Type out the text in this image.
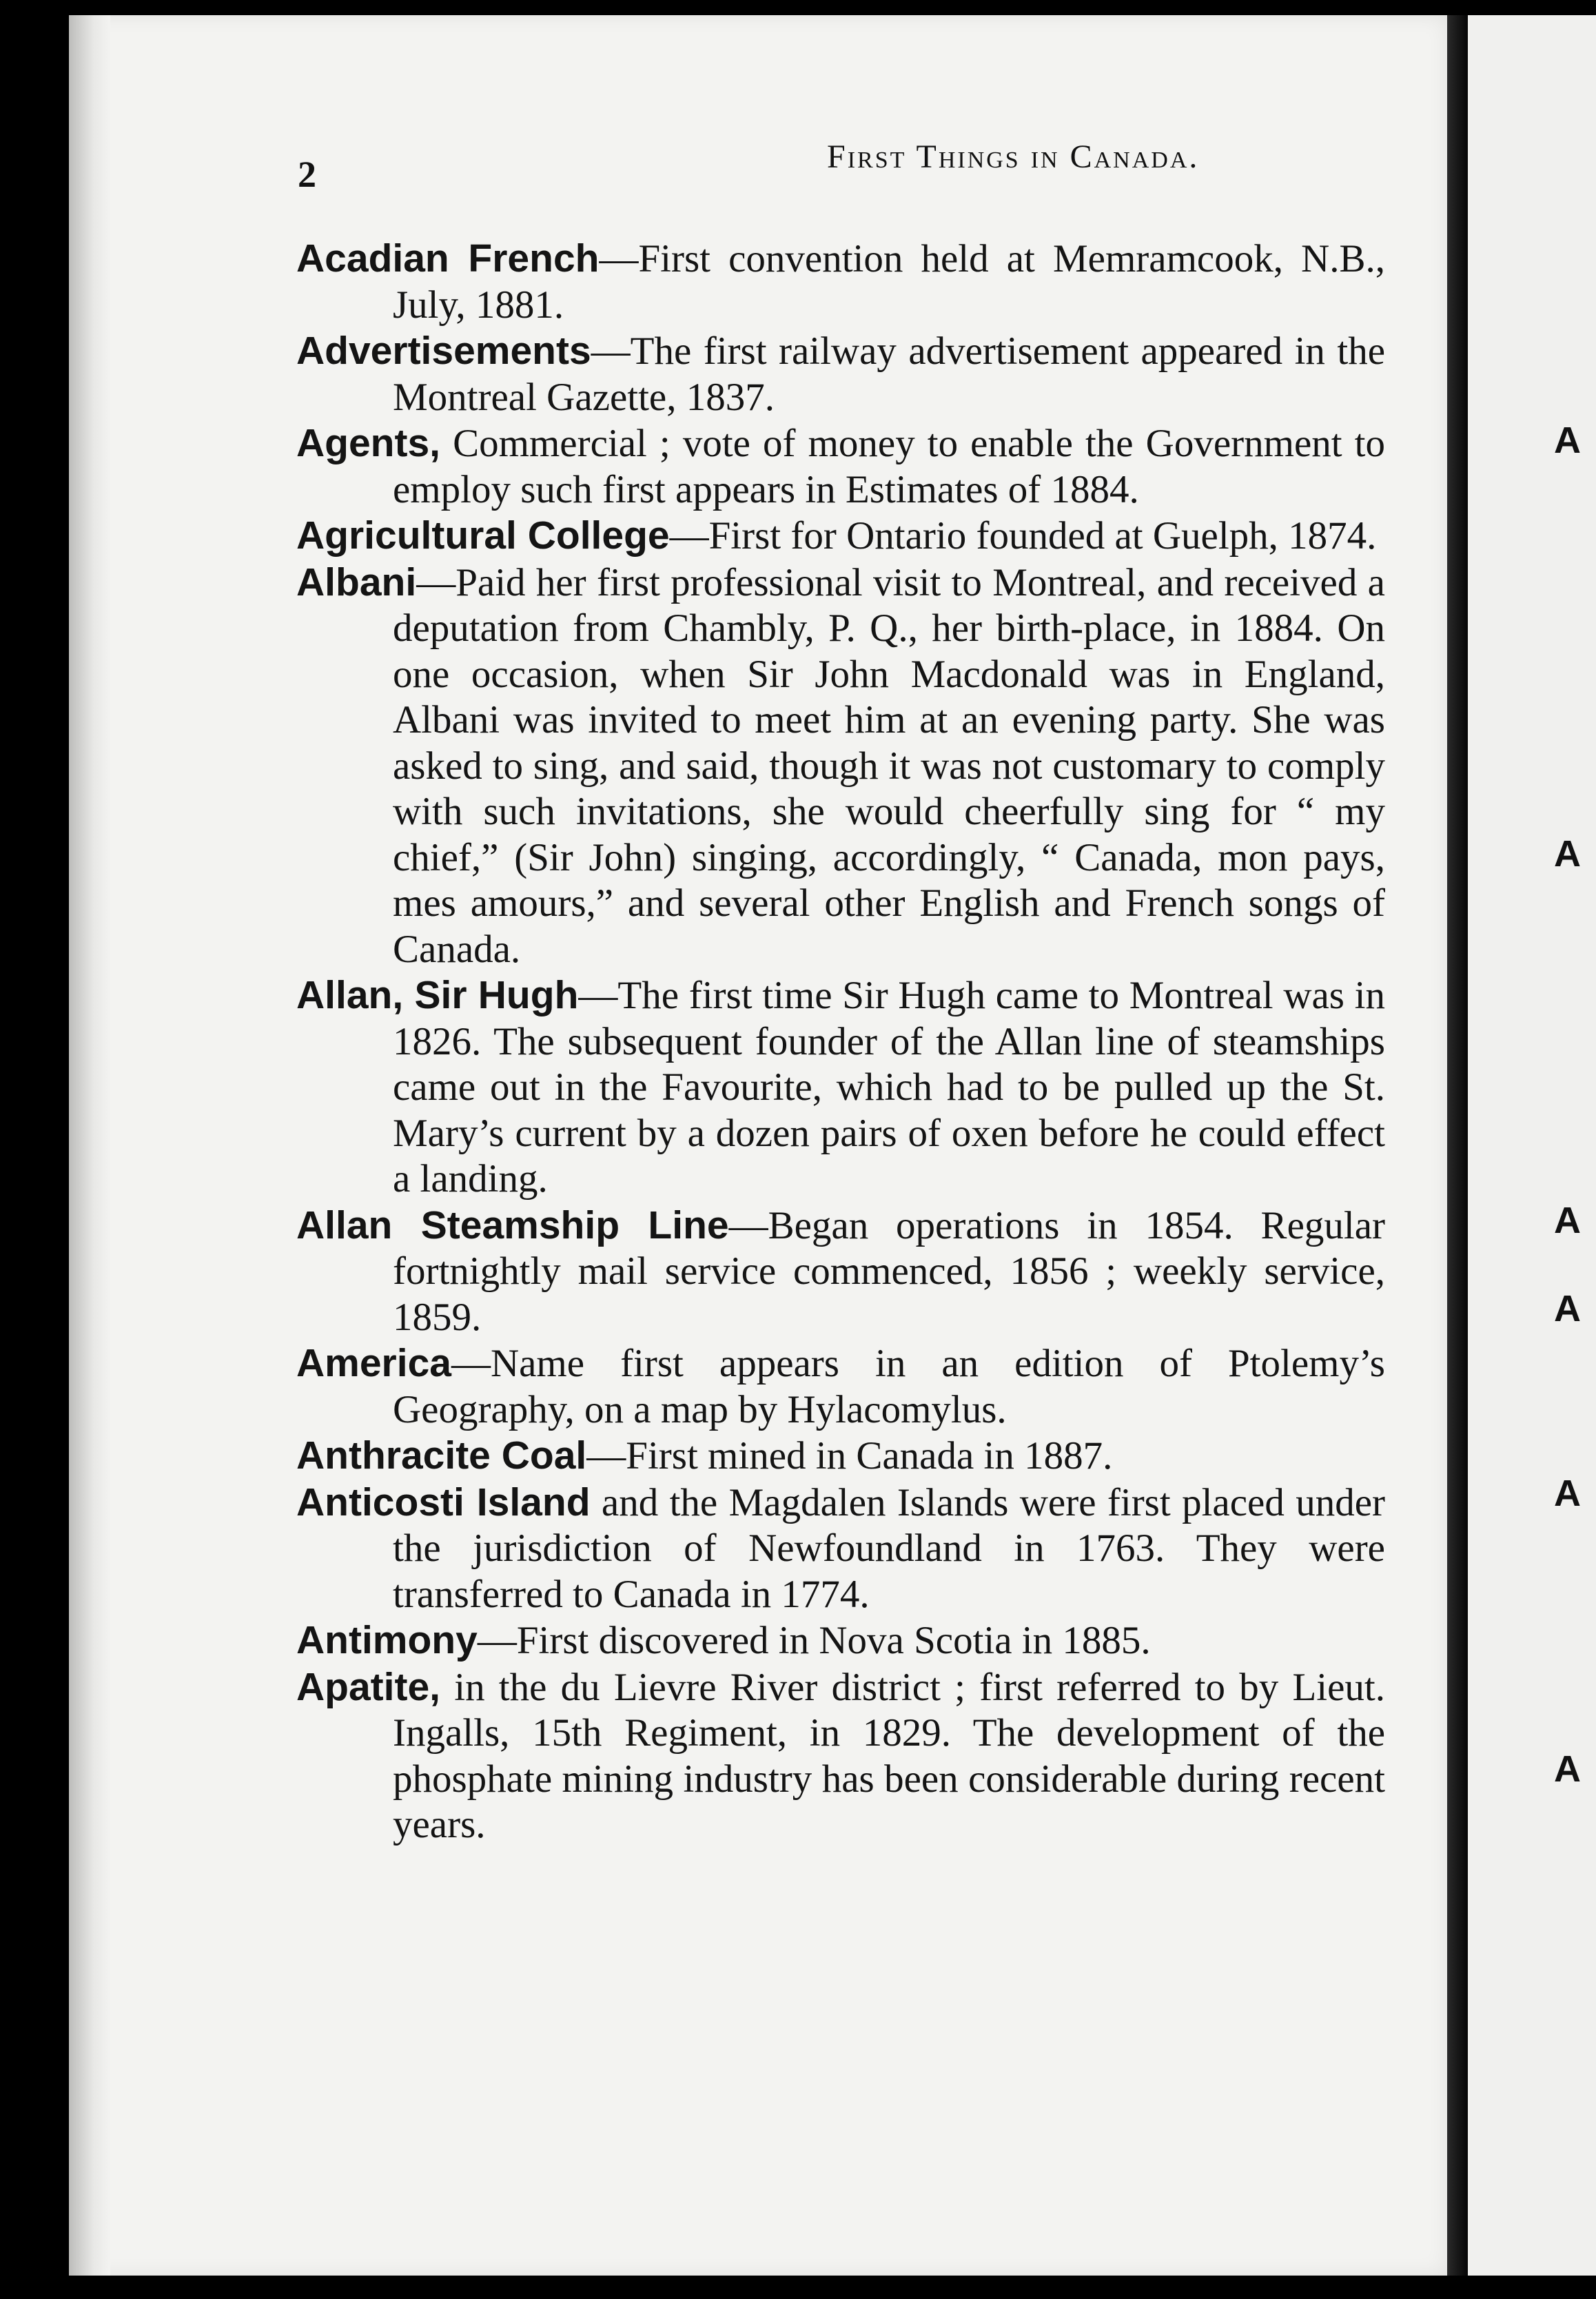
A
A
A
A
A
A
2	First Things in Canada.

Acadian French—First convention held at Memramcook, N.B., July, 1881.

Advertisements—The first railway advertisement appeared in the Montreal Gazette, 1837.

Agents, Commercial ; vote of money to enable the Government to employ such first appears in Estimates of 1884.

Agricultural College—First for Ontario founded at Guelph, 1874.

Albani—Paid her first professional visit to Montreal, and received a deputation from Chambly, P. Q., her birth-place, in 1884. On one occasion, when Sir John Macdonald was in England, Albani was invited to meet him at an evening party. She was asked to sing, and said, though it was not customary to comply with such invitations, she would cheerfully sing for “ my chief,” (Sir John) singing, accordingly, “ Canada, mon pays, mes amours,” and several other English and French songs of Canada.

Allan, Sir Hugh—The first time Sir Hugh came to Montreal was in 1826. The subsequent founder of the Allan line of steamships came out in the Favourite, which had to be pulled up the St. Mary’s current by a dozen pairs of oxen before he could effect a landing.

Allan Steamship Line—Began operations in 1854. Regular fortnightly mail service commenced, 1856 ; weekly service, 1859.

America—Name first appears in an edition of Ptolemy’s Geography, on a map by Hylacomylus.

Anthracite Coal—First mined in Canada in 1887.

Anticosti Island and the Magdalen Islands were first placed under the jurisdiction of Newfoundland in 1763. They were transferred to Canada in 1774.

Antimony—First discovered in Nova Scotia in 1885.

Apatite, in the du Lievre River district ; first referred to by Lieut. Ingalls, 15th Regiment, in 1829. The development of the phosphate mining industry has been considerable during recent years.
